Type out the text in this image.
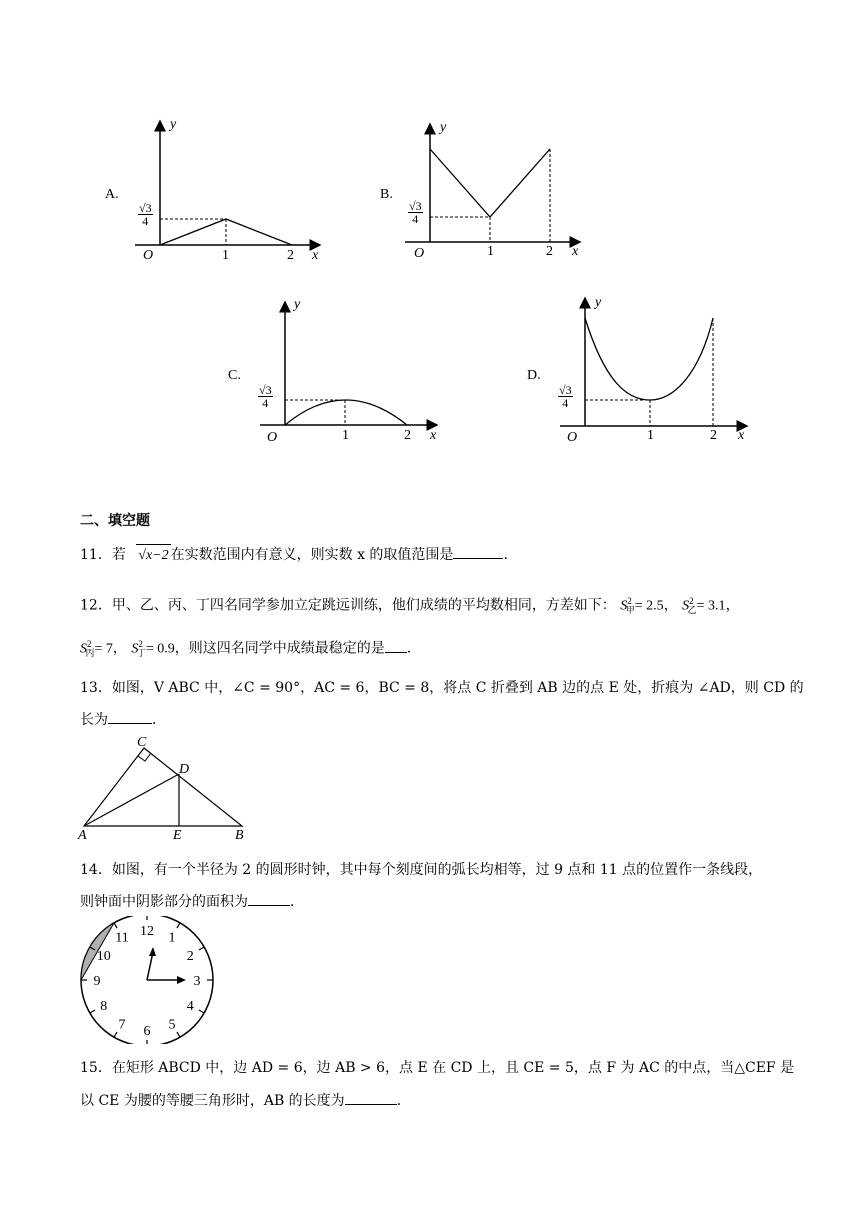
A.
y
x
O	1	2
$\frac{√3}{4}$
B.
y
x
O	1	2
$\frac{√3}{4}$
C.
y
x
O	1	2
$\frac{√3}{4}$
D.
y
x
O	1	2
$\frac{√3}{4}$
二、填空题
11．若 √x−2 在实数范围内有意义，则实数 x 的取值范围是	．
12．甲、乙、丙、丁四名同学参加立定跳远训练，他们成绩的平均数相同，方差如下： $S^2_甲= 2.5$， $S^2_乙= 3.1$，
$S^2_丙= 7$， $S^2_丁= 0.9$，则这四名同学中成绩最稳定的是 ．
13．如图，V ABC 中，∠C = 90°，AC = 6，BC = 8，将点 C 折叠到 AB 边的点 E 处，折痕为 ∠AD，则 CD 的
长为	．
C
D
A	E	B
14．如图，有一个半径为 2 的圆形时钟，其中每个刻度间的弧长均相等，过 9 点和 11 点的位置作一条线段，
则钟面中阴影部分的面积为	．
12 1
2
3
4
5
6
7
8
9
10
11
15．在矩形 ABCD 中，边 AD = 6，边 AB > 6，点 E 在 CD 上，且 CE = 5，点 F 为 AC 的中点，当△CEF 是
以 CE 为腰的等腰三角形时，AB 的长度为	．
